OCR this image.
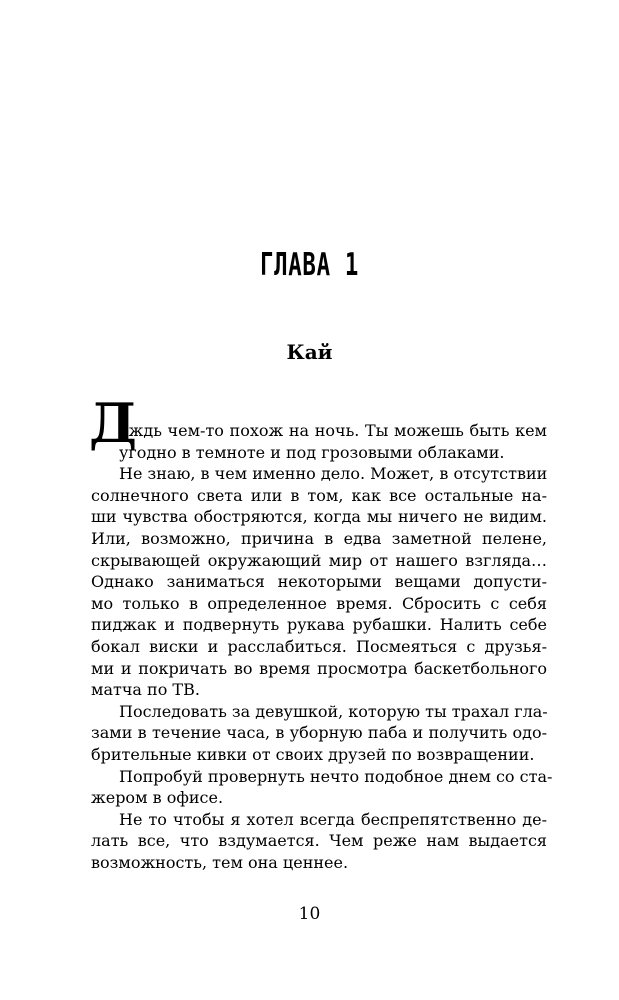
ГЛАВА 1
Кай
Д
ождь чем-то похож на ночь. Ты можешь быть кем
угодно в темноте и под грозовыми облаками.
Не знаю, в чем именно дело. Может, в отсутствии
солнечного света или в том, как все остальные на-
ши чувства обостряются, когда мы ничего не видим.
Или, возможно, причина в едва заметной пелене,
скрывающей окружающий мир от нашего взгляда…
Однако заниматься некоторыми вещами допусти-
мо только в определенное время. Сбросить с себя
пиджак и подвернуть рукава рубашки. Налить себе
бокал виски и расслабиться. Посмеяться с друзья-
ми и покричать во время просмотра баскетбольного
матча по ТВ.
Последовать за девушкой, которую ты трахал гла-
зами в течение часа, в уборную паба и получить одо-
брительные кивки от своих друзей по возвращении.
Попробуй провернуть нечто подобное днем со ста-
жером в офисе.
Не то чтобы я хотел всегда беспрепятственно де-
лать все, что вздумается. Чем реже нам выдается
возможность, тем она ценнее.
10
